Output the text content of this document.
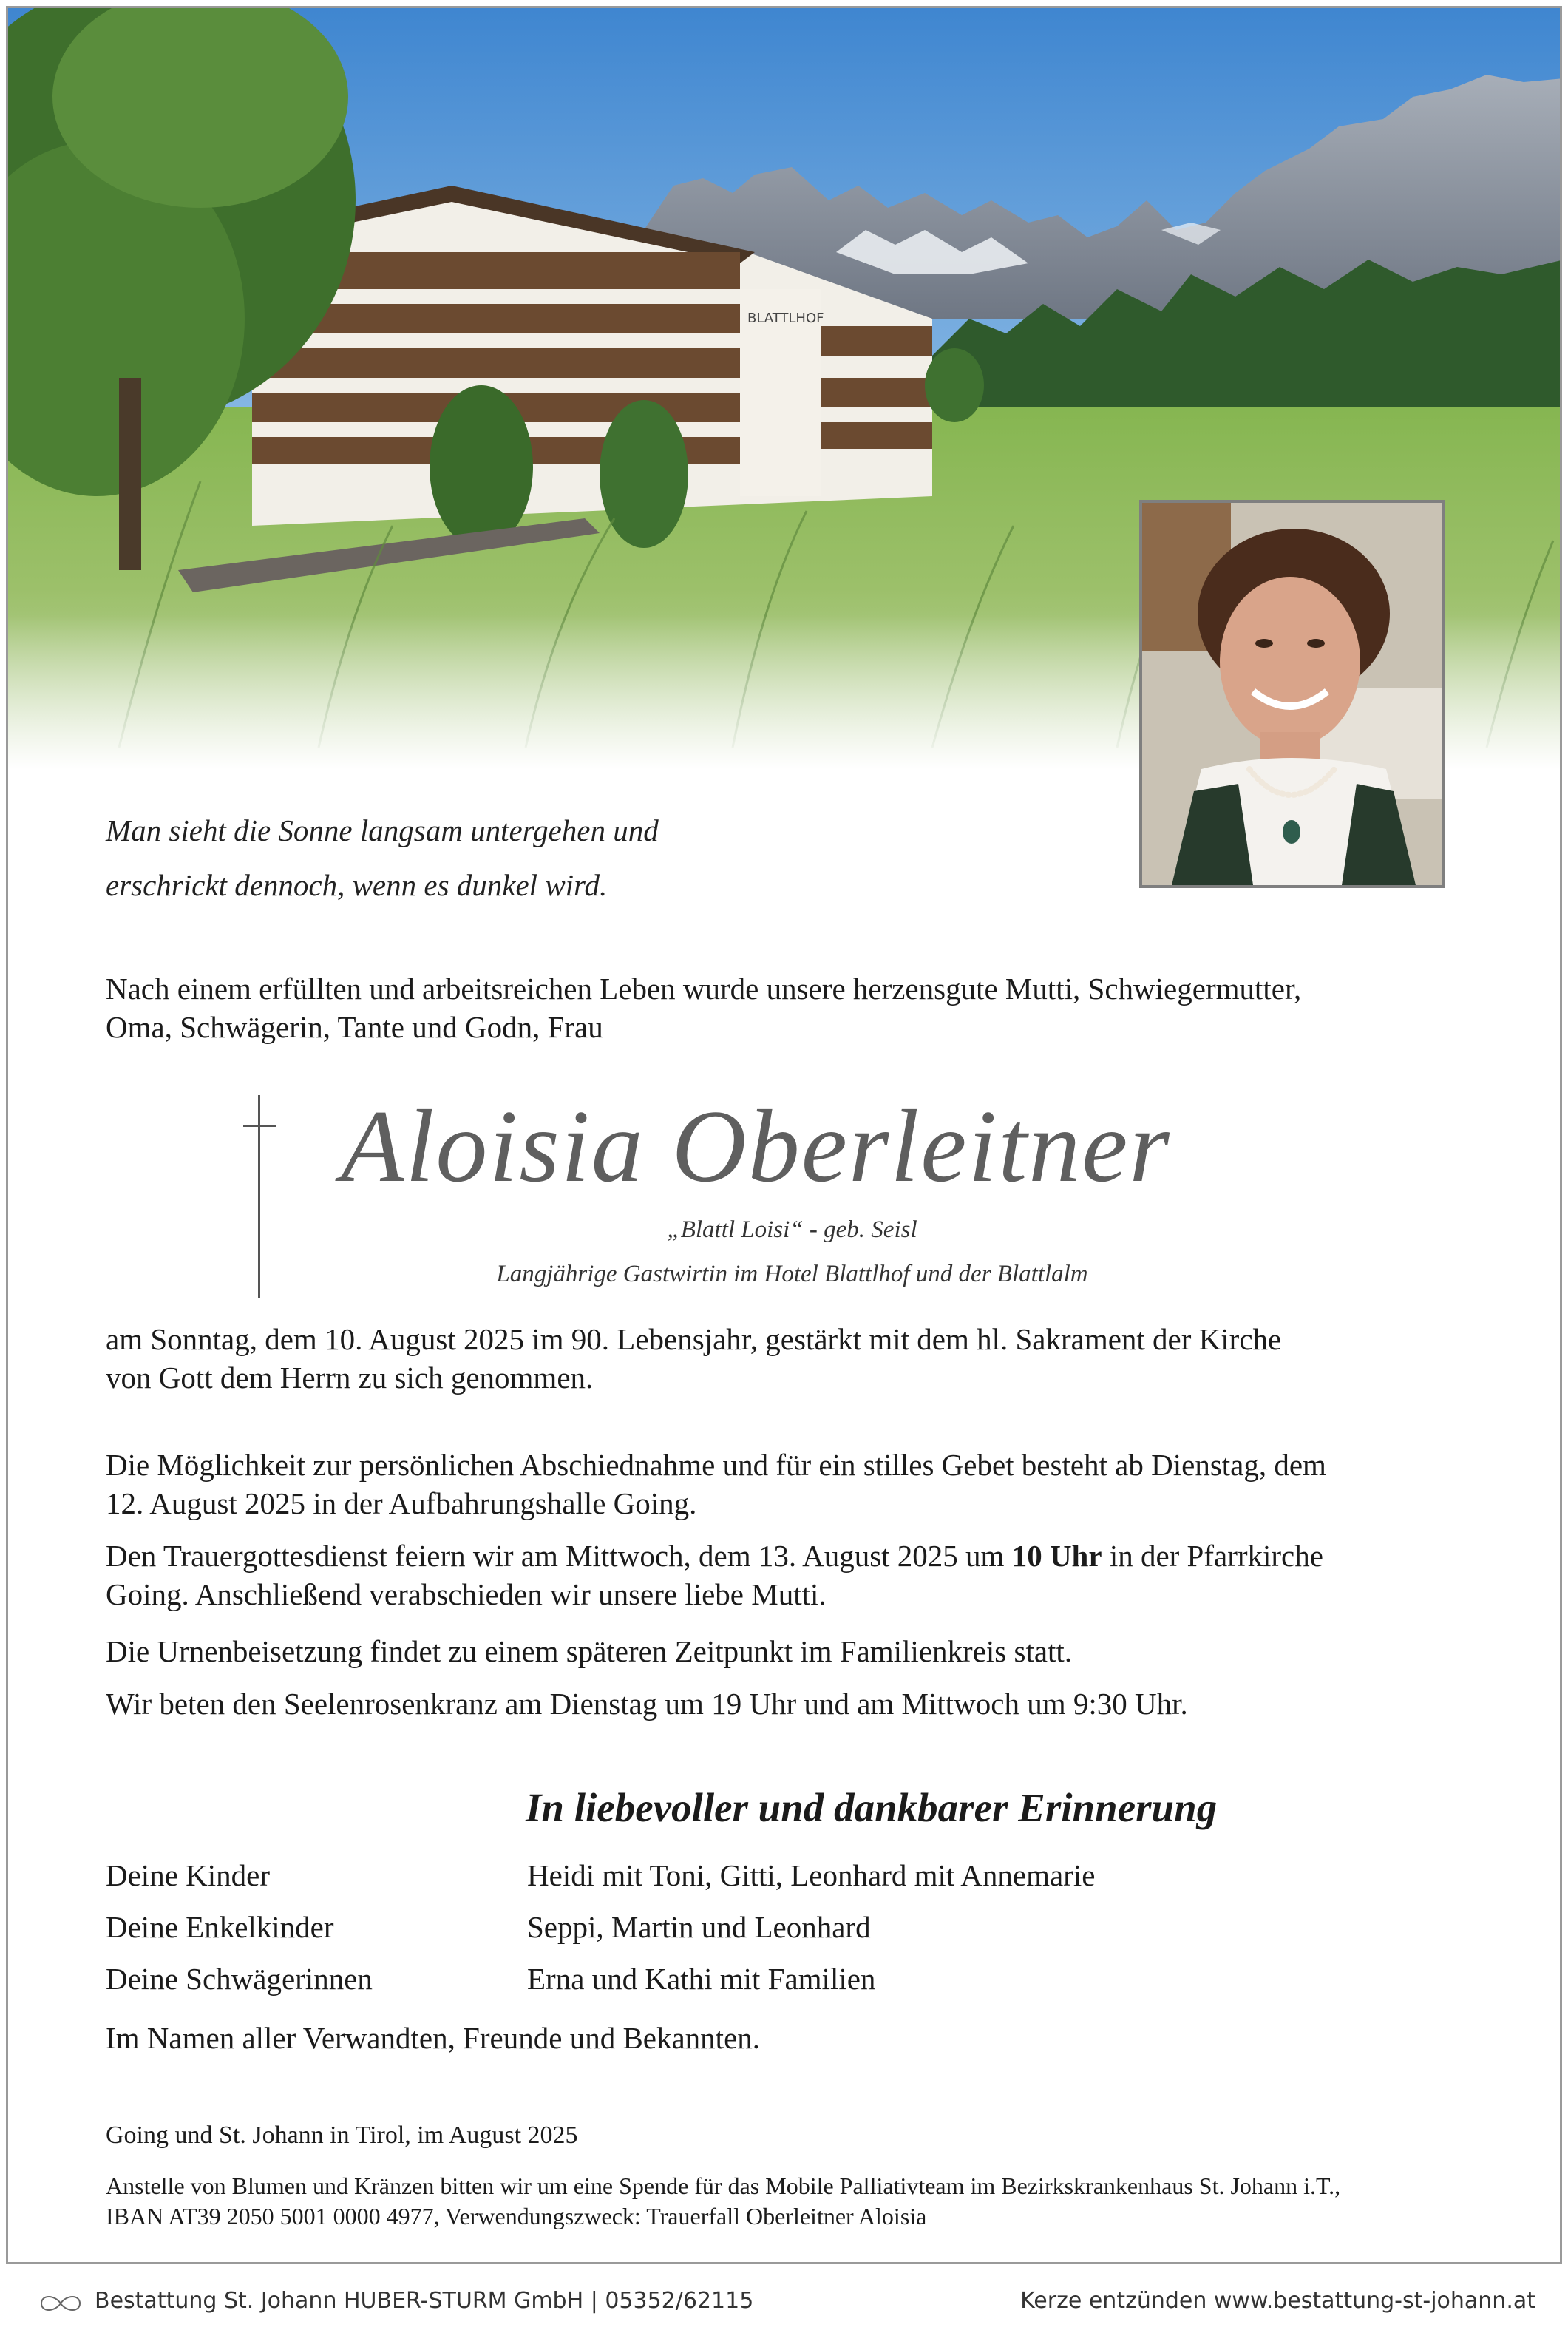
BLATTLHOF
Man sieht die Sonne langsam untergehen und
erschrickt dennoch, wenn es dunkel wird.
Nach einem erfüllten und arbeitsreichen Leben wurde unsere herzensgute Mutti, Schwiegermutter,
Oma, Schwägerin, Tante und Godn, Frau
Aloisia Oberleitner
„Blattl Loisi“ - geb. Seisl
Langjährige Gastwirtin im Hotel Blattlhof und der Blattlalm
am Sonntag, dem 10. August 2025 im 90. Lebensjahr, gestärkt mit dem hl. Sakrament der Kirche
von Gott dem Herrn zu sich genommen.
Die Möglichkeit zur persönlichen Abschiednahme und für ein stilles Gebet besteht ab Dienstag, dem
12. August 2025 in der Aufbahrungshalle Going.
Den Trauergottesdienst feiern wir am Mittwoch, dem 13. August 2025 um 10 Uhr in der Pfarrkirche
Going. Anschließend verabschieden wir unsere liebe Mutti.
Die Urnenbeisetzung findet zu einem späteren Zeitpunkt im Familienkreis statt.
Wir beten den Seelenrosenkranz am Dienstag um 19 Uhr und am Mittwoch um 9:30 Uhr.
In liebevoller und dankbarer Erinnerung
Deine Kinder	Heidi mit Toni, Gitti, Leonhard mit Annemarie
Deine Enkelkinder	Seppi, Martin und Leonhard
Deine Schwägerinnen	Erna und Kathi mit Familien
Im Namen aller Verwandten, Freunde und Bekannten.
Going und St. Johann in Tirol, im August 2025
Anstelle von Blumen und Kränzen bitten wir um eine Spende für das Mobile Palliativteam im Bezirkskrankenhaus St. Johann i.T.,
IBAN AT39 2050 5001 0000 4977, Verwendungszweck: Trauerfall Oberleitner Aloisia
Bestattung St. Johann HUBER-STURM GmbH | 05352/62115	Kerze entzünden www.bestattung-st-johann.at
